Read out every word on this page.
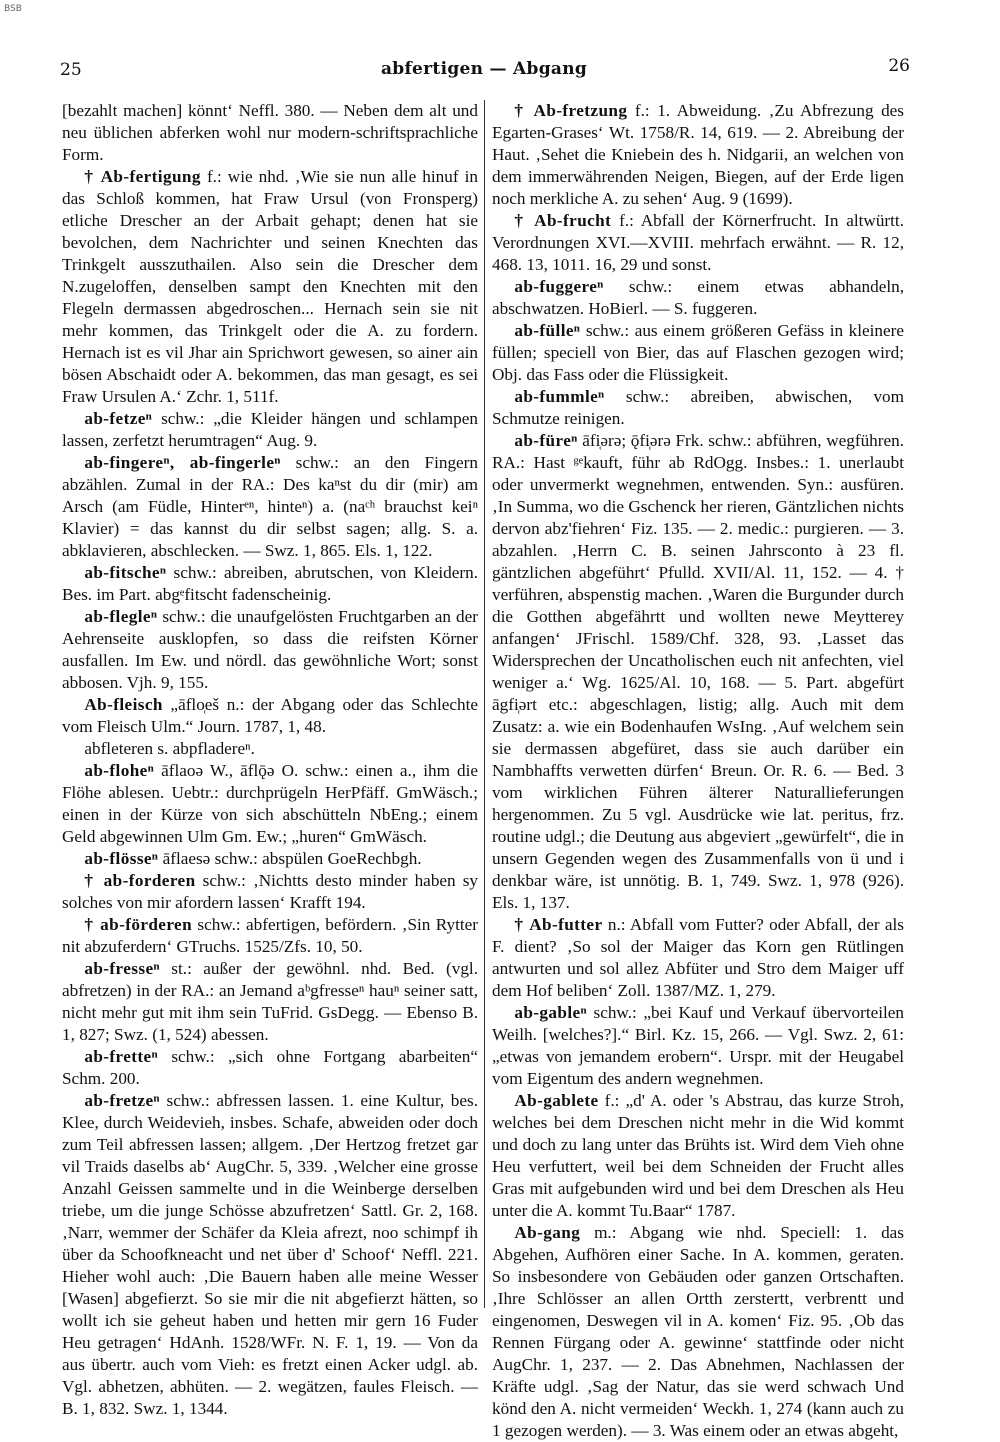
BSB
25	abfertigen — Abgang	26

[bezahlt machen] könnt‘ Neffl. 380. — Neben dem alt und neu üblichen abferken wohl nur modern-schriftsprachliche Form.

† Ab-fertigung f.: wie nhd. ‚Wie sie nun alle hinuf in das Schloß kommen, hat Fraw Ursul (von Fronsperg) etliche Drescher an der Arbait gehapt; denen hat sie bevolchen, dem Nachrichter und seinen Knechten das Trinkgelt ausszuthailen. Also sein die Drescher dem N.zugeloffen, denselben sampt den Knechten mit den Flegeln dermassen abgedroschen... Hernach sein sie nit mehr kommen, das Trinkgelt oder die A. zu fordern. Hernach ist es vil Jhar ain Sprichwort gewesen, so ainer ain bösen Abschaidt oder A. bekommen, das man gesagt, es sei Fraw Ursulen A.‘ Zchr. 1, 511f.

ab-fetzeⁿ schw.: „die Kleider hängen und schlampen lassen, zerfetzt herumtragen“ Aug. 9.

ab-fingereⁿ, ab-fingerleⁿ schw.: an den Fingern abzählen. Zumal in der RA.: Des kaⁿst du dir (mir) am Arsch (am Füdle, Hinterᵉⁿ, hinteⁿ) a. (naᶜʰ brauchst keiⁿ Klavier) = das kannst du dir selbst sagen; allg. S. a. abklavieren, abschlecken. — Swz. 1, 865. Els. 1, 122.

ab-fitscheⁿ schw.: abreiben, abrutschen, von Kleidern. Bes. im Part. abgᵉfitscht fadenscheinig.

ab-flegleⁿ schw.: die unaufgelösten Fruchtgarben an der Aehrenseite ausklopfen, so dass die reifsten Körner ausfallen. Im Ew. und nördl. das gewöhnliche Wort; sonst abbosen. Vjh. 9, 155.

Ab-fleisch „āflo̜eš n.: der Abgang oder das Schlechte vom Fleisch Ulm.“ Journ. 1787, 1, 48.

abfleteren s. abpfladereⁿ.

ab-floheⁿ āflaoə W., āflǭə O. schw.: einen a., ihm die Flöhe ablesen. Uebtr.: durchprügeln HerPfäff. GmWäsch.; einen in der Kürze von sich abschütteln NbEng.; einem Geld abgewinnen Ulm Gm. Ew.; „huren“ GmWäsch.

ab-flösseⁿ āflaesə schw.: abspülen GoeRechbgh.

† ab-forderen schw.: ‚Nichtts desto minder haben sy solches von mir afordern lassen‘ Krafft 194.

† ab-förderen schw.: abfertigen, befördern. ‚Sin Rytter nit abzuferdern‘ GTruchs. 1525/Zfs. 10, 50.

ab-fresseⁿ st.: außer der gewöhnl. nhd. Bed. (vgl. abfretzen) in der RA.: an Jemand aᵇgfresseⁿ hauⁿ seiner satt, nicht mehr gut mit ihm sein TuFrid. GsDegg. — Ebenso B. 1, 827; Swz. (1, 524) abessen.

ab-fretteⁿ schw.: „sich ohne Fortgang abarbeiten“ Schm. 200.

ab-fretzeⁿ schw.: abfressen lassen. 1. eine Kultur, bes. Klee, durch Weidevieh, insbes. Schafe, abweiden oder doch zum Teil abfressen lassen; allgem. ‚Der Hertzog fretzet gar vil Traids daselbs ab‘ AugChr. 5, 339. ‚Welcher eine grosse Anzahl Geissen sammelte und in die Weinberge derselben triebe, um die junge Schösse abzufretzen‘ Sattl. Gr. 2, 168. ‚Narr, wemmer der Schäfer da Kleia afrezt, noo schimpf ih über da Schoofkneacht und net über d' Schoof‘ Neffl. 221. Hieher wohl auch: ‚Die Bauern haben alle meine Wesser [Wasen] abgefierzt. So sie mir die nit abgefierzt hätten, so wollt ich sie geheut haben und hetten mir gern 16 Fuder Heu getragen‘ HdAnh. 1528/WFr. N. F. 1, 19. — Von da aus übertr. auch vom Vieh: es fretzt einen Acker udgl. ab. Vgl. abhetzen, abhüten. — 2. wegätzen, faules Fleisch. — B. 1, 832. Swz. 1, 1344.

† Ab-fretzung f.: 1. Abweidung. ‚Zu Abfrezung des Egarten-Grases‘ Wt. 1758/R. 14, 619. — 2. Abreibung der Haut. ‚Sehet die Kniebein des h. Nidgarii, an welchen von dem immerwährenden Neigen, Biegen, auf der Erde ligen noch merkliche A. zu sehen‘ Aug. 9 (1699).

† Ab-frucht f.: Abfall der Körnerfrucht. In altwürtt. Verordnungen XVI.—XVIII. mehrfach erwähnt. — R. 12, 468. 13, 1011. 16, 29 und sonst.

ab-fuggereⁿ schw.: einem etwas abhandeln, abschwatzen. HoBierl. — S. fuggeren.

ab-fülleⁿ schw.: aus einem größeren Gefäss in kleinere füllen; speciell von Bier, das auf Flaschen gezogen wird; Obj. das Fass oder die Flüssigkeit.

ab-fummleⁿ schw.: abreiben, abwischen, vom Schmutze reinigen.

ab-füreⁿ āfi̜ərə; ǭfi̜ərə Frk. schw.: abführen, wegführen. RA.: Hast ᵍᵉkauft, führ ab RdOgg. Insbes.: 1. unerlaubt oder unvermerkt wegnehmen, entwenden. Syn.: ausfüren. ‚In Summa, wo die Gschenck her rieren, Gäntzlichen nichts dervon abz'fiehren‘ Fiz. 135. — 2. medic.: purgieren. — 3. abzahlen. ‚Herrn C. B. seinen Jahrsconto à 23 fl. gäntzlichen abgeführt‘ Pfulld. XVII/Al. 11, 152. — 4. † verführen, abspenstig machen. ‚Waren die Burgunder durch die Gotthen abgefährtt und wollten newe Meytterey anfangen‘ JFrischl. 1589/Chf. 328, 93. ‚Lasset das Widersprechen der Uncatholischen euch nit anfechten, viel weniger a.‘ Wg. 1625/Al. 10, 168. — 5. Part. abgefürt āgfi̜ərt etc.: abgeschlagen, listig; allg. Auch mit dem Zusatz: a. wie ein Bodenhaufen WsIng. ‚Auf welchem sein sie dermassen abgefüret, dass sie auch darüber ein Nambhaffts verwetten dürfen‘ Breun. Or. R. 6. — Bed. 3 vom wirklichen Führen älterer Naturallieferungen hergenommen. Zu 5 vgl. Ausdrücke wie lat. peritus, frz. routine udgl.; die Deutung aus abgeviert „gewürfelt“, die in unsern Gegenden wegen des Zusammenfalls von ü und i denkbar wäre, ist unnötig. B. 1, 749. Swz. 1, 978 (926). Els. 1, 137.

† Ab-futter n.: Abfall vom Futter? oder Abfall, der als F. dient? ‚So sol der Maiger das Korn gen Rütlingen antwurten und sol allez Abfüter und Stro dem Maiger uff dem Hof beliben‘ Zoll. 1387/MZ. 1, 279.

ab-gableⁿ schw.: „bei Kauf und Verkauf übervorteilen Weilh. [welches?].“ Birl. Kz. 15, 266. — Vgl. Swz. 2, 61: „etwas von jemandem erobern“. Urspr. mit der Heugabel vom Eigentum des andern wegnehmen.

Ab-gablete f.: „d' A. oder 's Abstrau, das kurze Stroh, welches bei dem Dreschen nicht mehr in die Wid kommt und doch zu lang unter das Brühts ist. Wird dem Vieh ohne Heu verfuttert, weil bei dem Schneiden der Frucht alles Gras mit aufgebunden wird und bei dem Dreschen als Heu unter die A. kommt Tu.Baar“ 1787.

Ab-gang m.: Abgang wie nhd. Speciell: 1. das Abgehen, Aufhören einer Sache. In A. kommen, geraten. So insbesondere von Gebäuden oder ganzen Ortschaften. ‚Ihre Schlösser an allen Ortth zerstertt, verbrentt und eingenomen, Deswegen vil in A. komen‘ Fiz. 95. ‚Ob das Rennen Fürgang oder A. gewinne‘ stattfinde oder nicht AugChr. 1, 237. — 2. Das Abnehmen, Nachlassen der Kräfte udgl. ‚Sag der Natur, das sie werd schwach Und könd den A. nicht vermeiden‘ Weckh. 1, 274 (kann auch zu 1 gezogen werden). — 3. Was einem oder an etwas abgeht,
